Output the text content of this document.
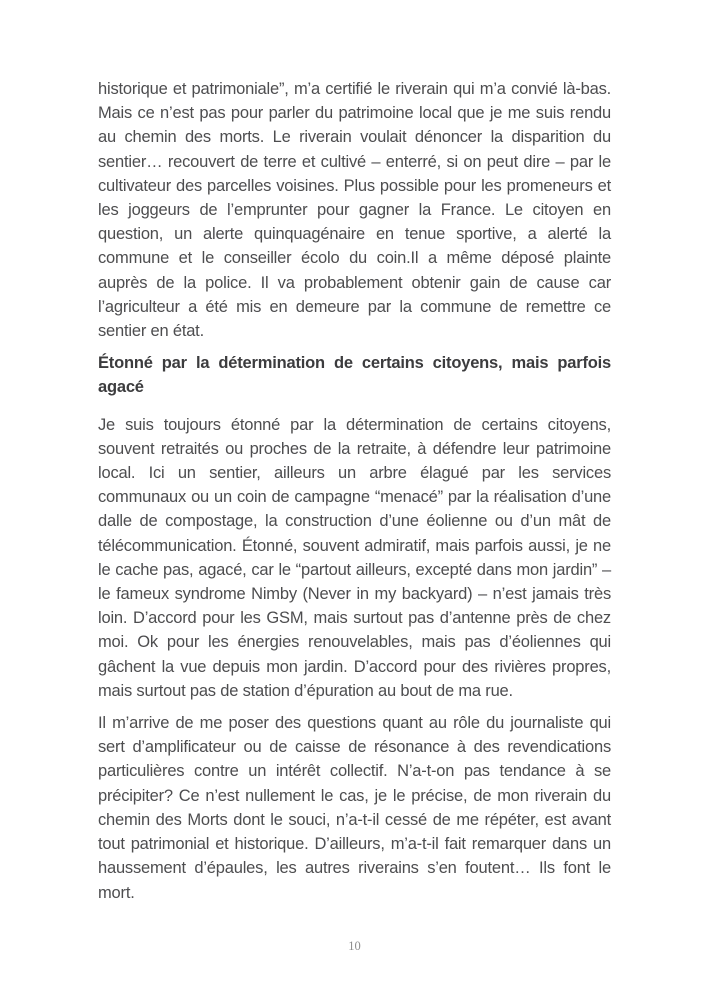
historique et patrimoniale”, m’a certifié le riverain qui m’a convié là-bas. Mais ce n’est pas pour parler du patrimoine local que je me suis rendu au chemin des morts. Le riverain voulait dénoncer la disparition du sentier… recouvert de terre et cultivé – enterré, si on peut dire – par le cultivateur des parcelles voisines. Plus possible pour les promeneurs et les joggeurs de l’emprunter pour gagner la France. Le citoyen en question, un alerte quinquagénaire en tenue sportive, a alerté la commune et le conseiller écolo du coin.Il a même déposé plainte auprès de la police. Il va probablement obtenir gain de cause car l’agriculteur a été mis en demeure par la commune de remettre ce sentier en état.

Étonné par la détermination de certains citoyens, mais parfois agacé

Je suis toujours étonné par la détermination de certains citoyens, souvent retraités ou proches de la retraite, à défendre leur patrimoine local. Ici un sentier, ailleurs un arbre élagué par les services communaux ou un coin de campagne “menacé” par la réalisation d’une dalle de compostage, la construction d’une éolienne ou d’un mât de télécommunication. Étonné, souvent admiratif, mais parfois aussi, je ne le cache pas, agacé, car le “partout ailleurs, excepté dans mon jardin” – le fameux syndrome Nimby (Never in my backyard) – n’est jamais très loin. D’accord pour les GSM, mais surtout pas d’antenne près de chez moi. Ok pour les énergies renouvelables, mais pas d’éoliennes qui gâchent la vue depuis mon jardin. D’accord pour des rivières propres, mais surtout pas de station d’épuration au bout de ma rue.

Il m’arrive de me poser des questions quant au rôle du journaliste qui sert d’amplificateur ou de caisse de résonance à des revendications particulières contre un intérêt collectif. N’a-t-on pas tendance à se précipiter? Ce n’est nullement le cas, je le précise, de mon riverain du chemin des Morts dont le souci, n’a-t-il cessé de me répéter, est avant tout patrimonial et historique. D’ailleurs, m’a-t-il fait remarquer dans un haussement d’épaules, les autres riverains s’en foutent… Ils font le mort.

10
